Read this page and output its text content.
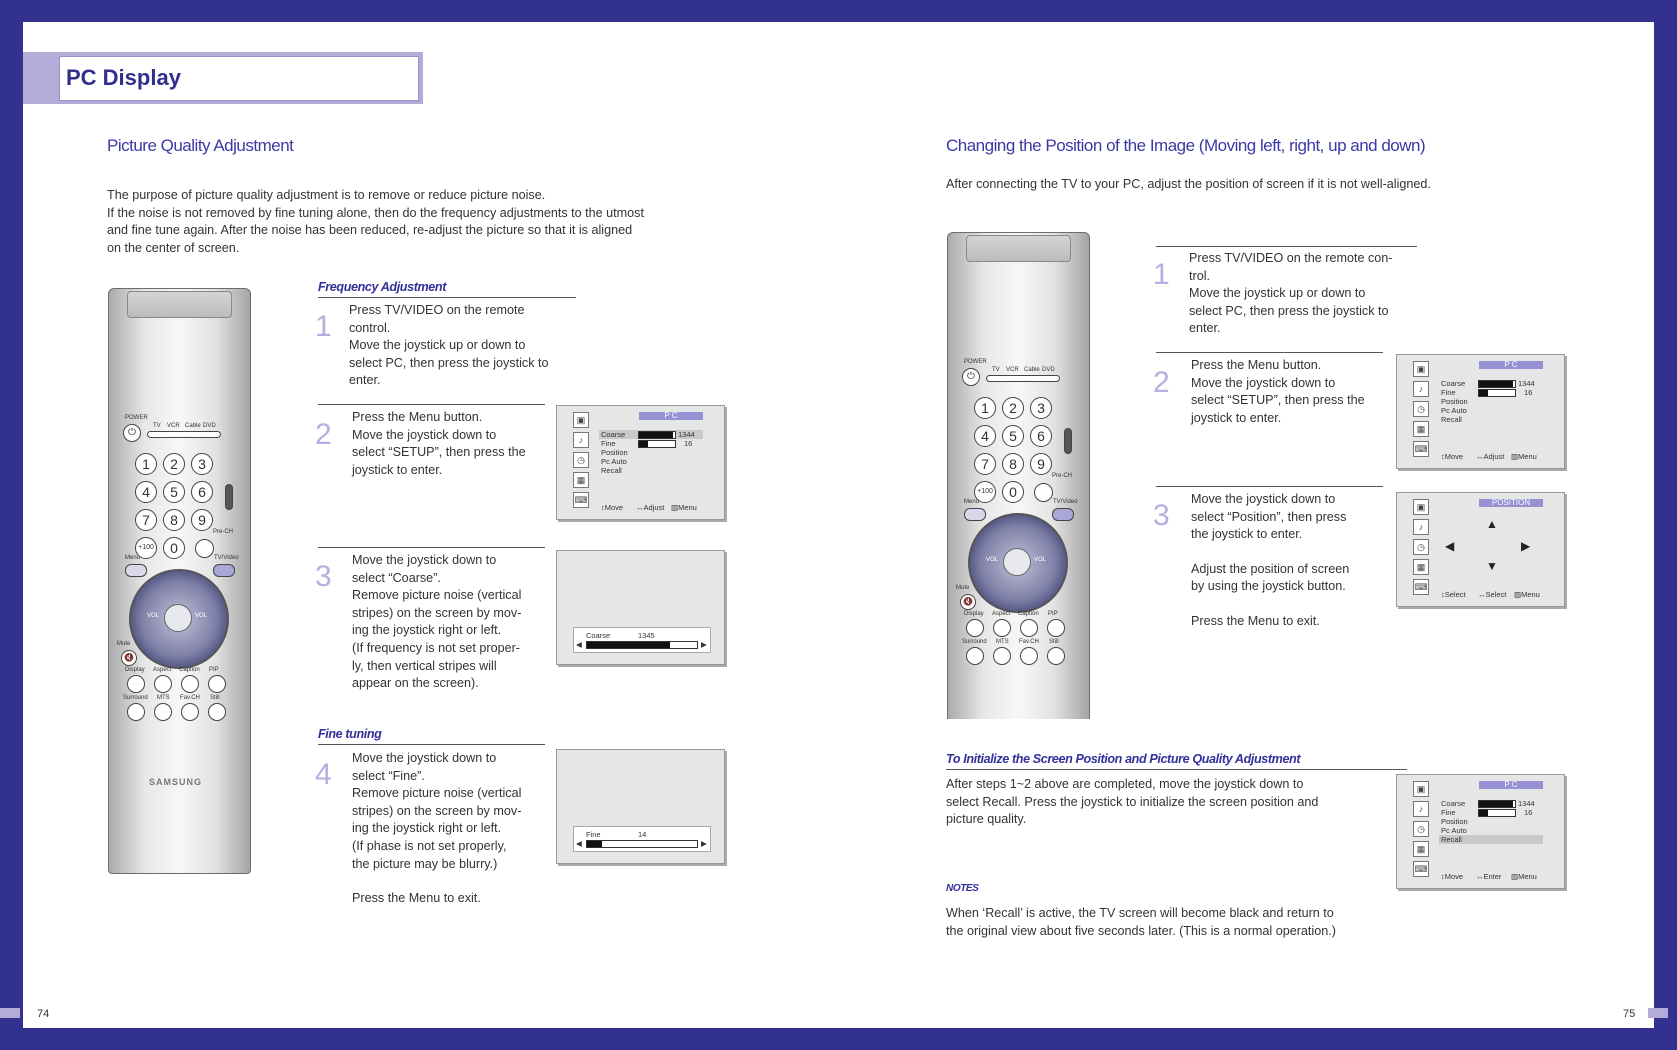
PC Display
Picture Quality Adjustment
The purpose of picture quality adjustment is to remove or reduce picture noise.
If the noise is not removed by fine tuning alone, then do the frequency adjustments to the utmost
and fine tune again. After the noise has been reduced, re-adjust the picture so that it is aligned
on the center of screen.
POWER
⏻
TV VCR Cable DVD
1	2	3
4	5	6
7	8	9
Pre-CH
+100	0
Menu	TV/Video
VOL	VOL
Mute
🔇
Display Aspect Caption PIP
Surround MTS Fav.CH Still
SAMSUNG
Frequency Adjustment
1 Press TV/VIDEO on the remote
control.
Move the joystick up or down to
select PC, then press the joystick to
enter.
2
Press the Menu button.
Move the joystick down to
select “SETUP”, then press the
joystick to enter.
▣
♪
◷
▦
⌨
P C
Coarse	1344
Fine	16
Position
Pc Auto
Recall
↕Move ↔Adjust ▥Menu
3 Move the joystick down to
select “Coarse”.
Remove picture noise (vertical
stripes) on the screen by mov-
ing the joystick right or left.
(If frequency is not set proper-
ly, then vertical stripes will
appear on the screen).
Coarse	1345
◀	▶
Fine tuning
4 Move the joystick down to
select “Fine”.
Remove picture noise (vertical
stripes) on the screen by mov-
ing the joystick right or left.
(If phase is not set properly,
the picture may be blurry.)
Press the Menu to exit.
Fine	14
◀	▶
74
Changing the Position of the Image (Moving left, right, up and down)
After connecting the TV to your PC, adjust the position of screen if it is not well-aligned.
POWER
⏻
TV VCR Cable DVD
1	2	3
4	5	6
7	8	9
Pre-CH
+100	0
Menu	TV/Video
VOL	VOL
Mute
🔇
Display Aspect Caption PIP
Surround MTS Fav.CH Still
1 Press TV/VIDEO on the remote con-
trol.
Move the joystick up or down to
select PC, then press the joystick to
enter.
2
Press the Menu button.
Move the joystick down to
select “SETUP”, then press the
joystick to enter.
▣
♪
◷
▦
⌨
P C
Coarse	1344
Fine	16
Position
Pc Auto
Recall
↕Move ↔Adjust ▥Menu
3 Move the joystick down to
select “Position”, then press
the joystick to enter.
Adjust the position of screen
by using the joystick button.
Press the Menu to exit.
▣
♪
◷
▦
⌨
POSITION
▲
◀	▶
▼
↕Select ↔Select ▥Menu
To Initialize the Screen Position and Picture Quality Adjustment
After steps 1~2 above are completed, move the joystick down to
select Recall. Press the joystick to initialize the screen position and
picture quality.
▣
♪
◷
▦
⌨
P C
Coarse	1344
Fine	16
Position
Pc Auto
Recall
↕Move ↔Enter ▥Menu
NOTES
When ‘Recall’ is active, the TV screen will become black and return to
the original view about five seconds later. (This is a normal operation.)
75
